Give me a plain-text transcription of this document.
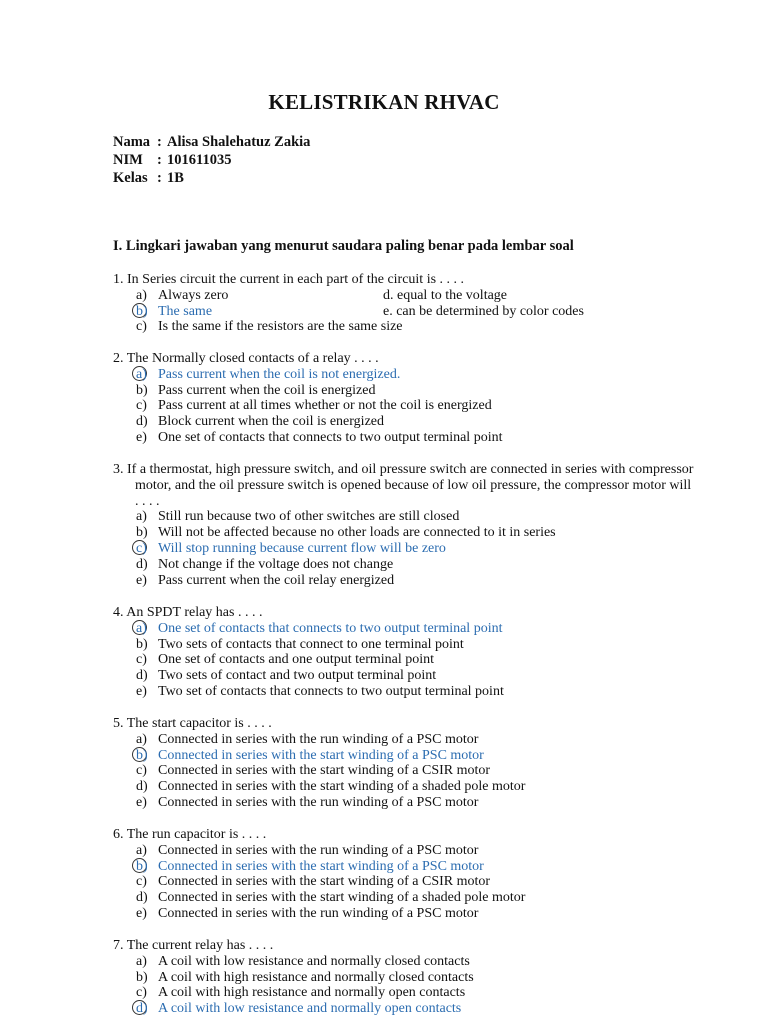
KELISTRIKAN RHVAC
Nama : Alisa Shalehatuz Zakia
NIM : 101611035
Kelas : 1B
I. Lingkari jawaban yang menurut saudara paling benar pada lembar soal
1. In Series circuit the current in each part of the circuit is . . . .
a) Always zero	d. equal to the voltage
b) The same	e. can be determined by color codes
c) Is the same if the resistors are the same size
2. The Normally closed contacts of a relay . . . .
a) Pass current when the coil is not energized.
b) Pass current when the coil is energized
c) Pass current at all times whether or not the coil is energized
d) Block current when the coil is energized
e) One set of contacts that connects to two output terminal point
3. If a thermostat, high pressure switch, and oil pressure switch are connected in series with compressor
motor, and the oil pressure switch is opened because of low oil pressure, the compressor motor will
. . . .
a) Still run because two of other switches are still closed
b) Will not be affected because no other loads are connected to it in series
c) Will stop running because current flow will be zero
d) Not change if the voltage does not change
e) Pass current when the coil relay energized
4. An SPDT relay has . . . .
a) One set of contacts that connects to two output terminal point
b) Two sets of contacts that connect to one terminal point
c) One set of contacts and one output terminal point
d) Two sets of contact and two output terminal point
e) Two set of contacts that connects to two output terminal point
5. The start capacitor is . . . .
a) Connected in series with the run winding of a PSC motor
b) Connected in series with the start winding of a PSC motor
c) Connected in series with the start winding of a CSIR motor
d) Connected in series with the start winding of a shaded pole motor
e) Connected in series with the run winding of a PSC motor
6. The run capacitor is . . . .
a) Connected in series with the run winding of a PSC motor
b) Connected in series with the start winding of a PSC motor
c) Connected in series with the start winding of a CSIR motor
d) Connected in series with the start winding of a shaded pole motor
e) Connected in series with the run winding of a PSC motor
7. The current relay has . . . .
a) A coil with low resistance and normally closed contacts
b) A coil with high resistance and normally closed contacts
c) A coil with high resistance and normally open contacts
d) A coil with low resistance and normally open contacts
